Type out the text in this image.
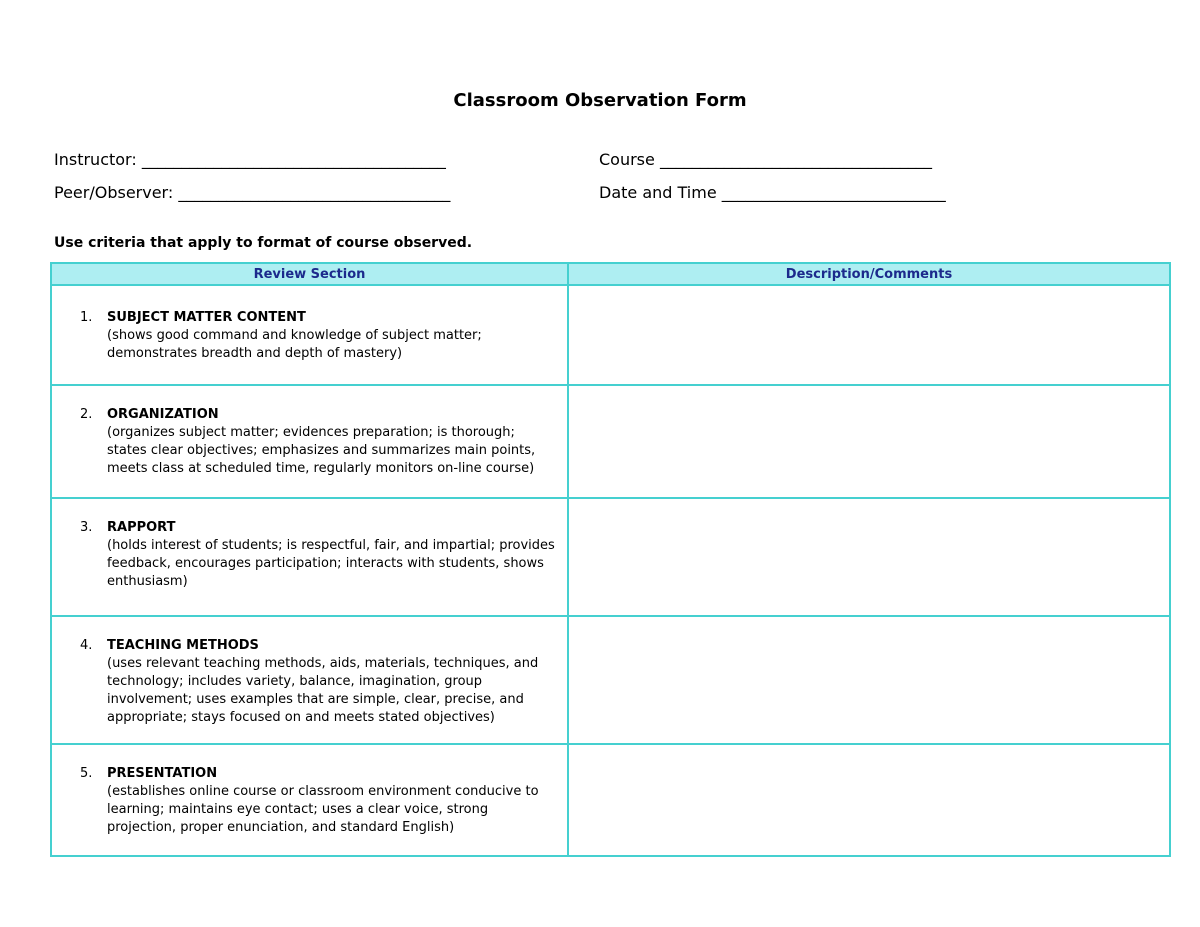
Classroom Observation Form
Instructor: ______________________________________	Course __________________________________
Peer/Observer: __________________________________	Date and Time ____________________________
Use criteria that apply to format of course observed.
Review Section	Description/Comments

1. SUBJECT MATTER CONTENT
(shows good command and knowledge of subject matter; demonstrates breadth and depth of mastery)	

2. ORGANIZATION
(organizes subject matter; evidences preparation; is thorough; states clear objectives; emphasizes and summarizes main points, meets class at scheduled time, regularly monitors on-line course)	

3. RAPPORT
(holds interest of students; is respectful, fair, and impartial; provides feedback, encourages participation; interacts with students, shows enthusiasm)	

4. TEACHING METHODS
(uses relevant teaching methods, aids, materials, techniques, and technology; includes variety, balance, imagination, group involvement; uses examples that are simple, clear, precise, and appropriate; stays focused on and meets stated objectives)	

5. PRESENTATION
(establishes online course or classroom environment conducive to learning; maintains eye contact; uses a clear voice, strong projection, proper enunciation, and standard English)	
